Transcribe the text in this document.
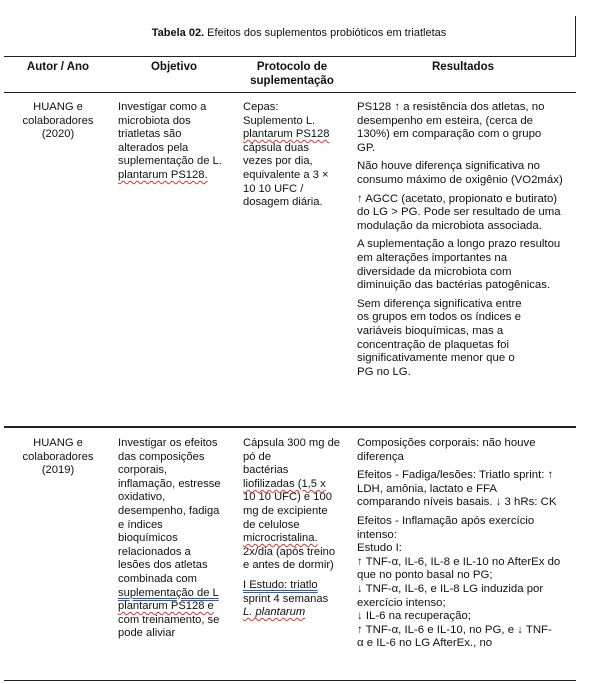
Tabela 02. Efeitos dos suplementos probióticos em triatletas
Autor / Ano	Objetivo	Protocolo de suplementação
Resultados
HUANG e
colaboradores
(2020)
Investigar como a
microbiota dos
triatletas são
alterados pela
suplementação de L.
plantarum PS128.
Cepas:
Suplemento L.
plantarum PS128
cápsula duas
vezes por dia,
equivalente a 3 ×
10 10 UFC /
dosagem diária.

PS128 ↑ a resistência dos atletas, no
desempenho em esteira, (cerca de
130%) em comparação com o grupo
GP.

Não houve diferença significativa no
consumo máximo de oxigênio (VO2máx)

↑ AGCC (acetato, propionato e butirato)
do LG > PG. Pode ser resultado de uma
modulação da microbiota associada.

A suplementação a longo prazo resultou
em alterações importantes na
diversidade da microbiota com
diminuição das bactérias patogênicas.

Sem diferença significativa entre
os grupos em todos os índices e
variáveis bioquímicas, mas a
concentração de plaquetas foi
significativamente menor que o
PG no LG.

HUANG e
colaboradores
(2019)
Investigar os efeitos
das composições
corporais,
inflamação, estresse
oxidativo,
desempenho, fadiga
e índices
bioquímicos
relacionados a
lesões dos atletas
combinada com
suplementação de L
plantarum PS128 e
com treinamento, se
pode aliviar
Cápsula 300 mg de
pó de
bactérias
liofilizadas (1,5 x
10 10 UFC) e 100
mg de excipiente
de celulose
microcristalina.
2x/dia (após treino
e antes de dormir)
I Estudo: triatlo
sprint 4 semanas
L. plantarum

Composições corporais: não houve
diferença

Efeitos - Fadiga/lesões: Triatlo sprint: ↑
LDH, amônia, lactato e FFA
comparando níveis basais. ↓ 3 hRs: CK

Efeitos - Inflamação após exercício
intenso:
Estudo I:
↑ TNF-α, IL-6, IL-8 e IL-10 no AfterEx do
que no ponto basal no PG;
↓ TNF-α, IL-6, e IL-8 LG induzida por
exercício intenso;
↓ IL-6 na recuperação;
↑ TNF-α, IL-6 e IL-10, no PG, e ↓ TNF-
α e IL-6 no LG AfterEx., no
